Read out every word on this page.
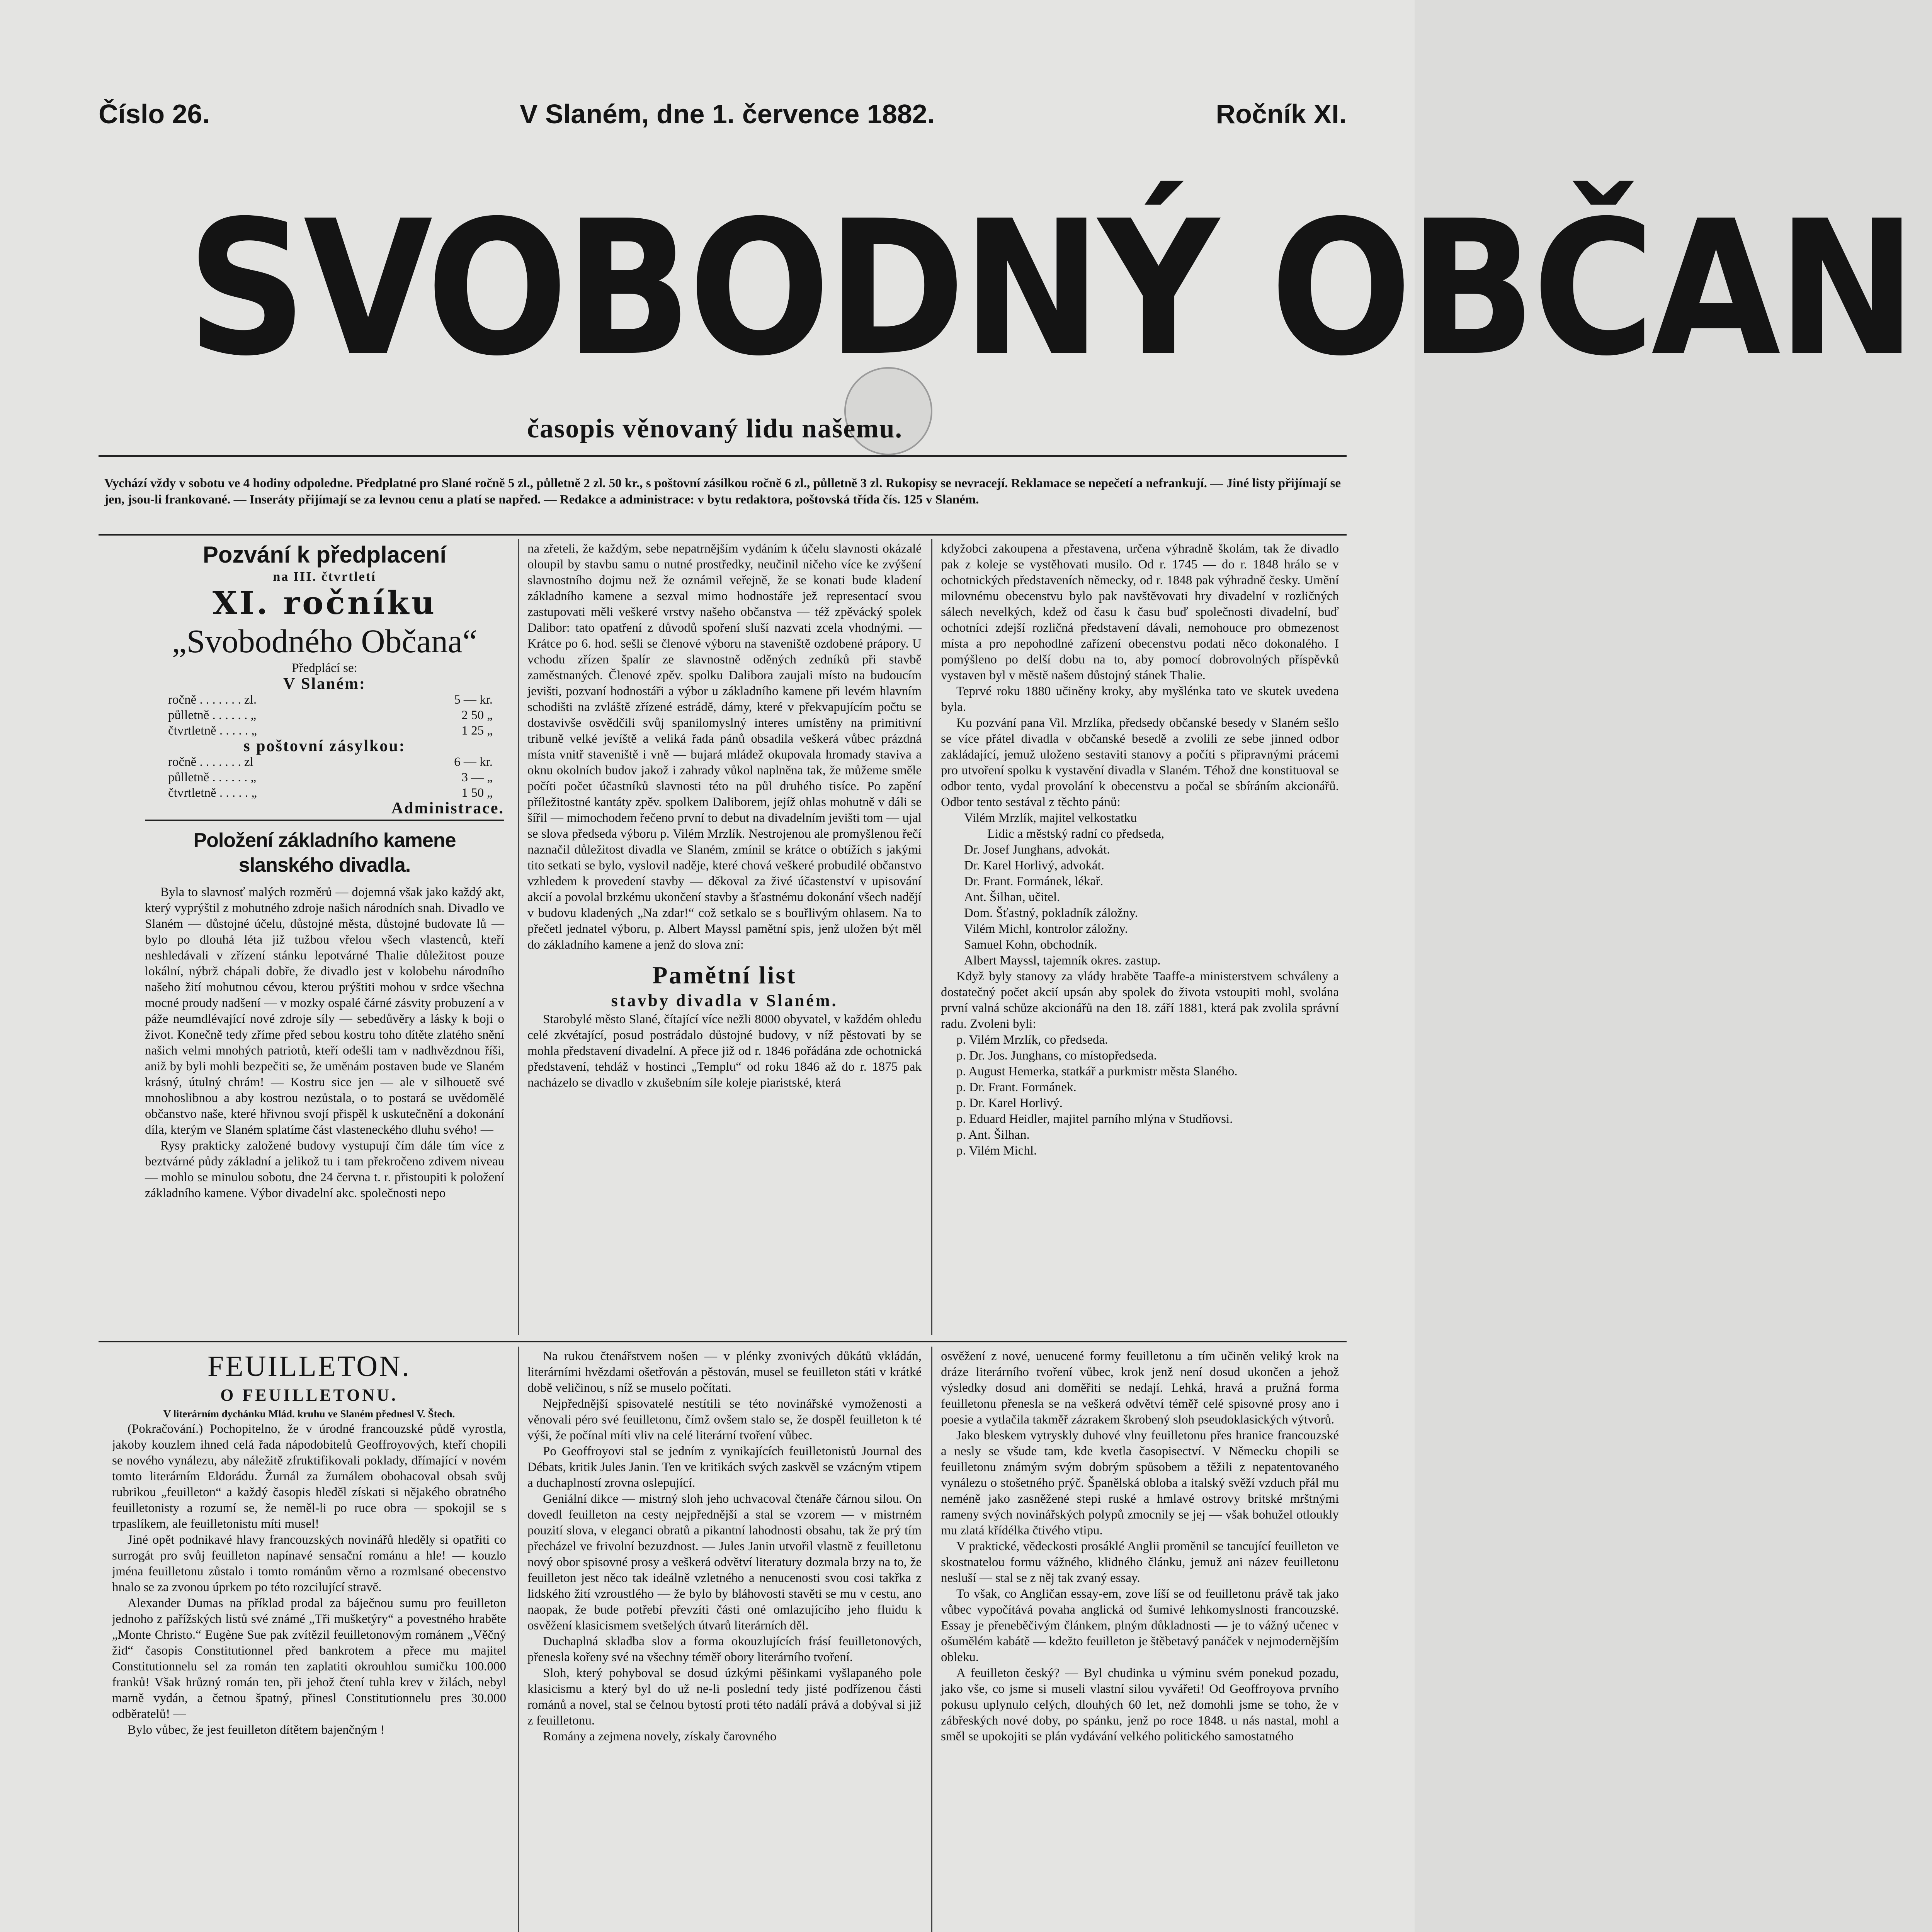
Číslo 26.	V Slaném, dne 1. července 1882.	Ročník XI.
SVOBODNÝ OBČAN
časopis věnovaný lidu našemu.
Vychází vždy v sobotu ve 4 hodiny odpoledne. Předplatné pro Slané ročně 5 zl., půlletně 2 zl. 50 kr., s poštovní zásilkou ročně 6 zl., půlletně 3 zl. Rukopisy se nevracejí. Reklamace se nepečetí a nefrankují. — Jiné listy přijímají se jen, jsou-li frankované. — Inseráty přijímají se za levnou cenu a platí se napřed. — Redakce a administrace: v bytu redaktora, poštovská třída čís. 125 v Slaném.
Pozvání k předplacení
na III. čtvrtletí
XI. ročníku
„Svobodného Občana“
Předplácí se:
V Slaném:
ročně . . . . . . . zl.	5 — kr.
půlletně . . . . . . „	2 50 „
čtvrtletně . . . . . „	1 25 „
s poštovní zásylkou:
ročně . . . . . . . zl	6 — kr.
půlletně . . . . . . „	3 — „
čtvrtletně . . . . . „	1 50 „
Administrace.
Položení základního kamene slanského divadla.

Byla to slavnosť malých rozměrů — dojemná však jako každý akt, který vyprýštil z mohutného zdroje našich národních snah. Divadlo ve Slaném — důstojné účelu, důstojné města, důstojné budovate lů — bylo po dlouhá léta již tužbou vřelou všech vlastenců, kteří neshledávali v zřízení stánku lepotvárné Thalie důležitost pouze lokální, nýbrž chápali dobře, že divadlo jest v kolobehu národního našeho žití mohutnou cévou, kterou prýštiti mohou v srdce všechna mocné proudy nadšení — v mozky ospalé čárné zásvity probuzení a v páže neumdlévající nové zdroje síly — sebedůvěry a lásky k boji o život. Konečně tedy zříme před sebou kostru toho dítěte zlatého snění našich velmi mnohých patriotů, kteří odešli tam v nadhvězdnou říši, aniž by byli mohli bezpečiti se, že uměnám postaven bude ve Slaném krásný, útulný chrám! — Kostru sice jen — ale v silhouetě své mnohoslibnou a aby kostrou nezůstala, o to postará se uvědomělé občanstvo naše, které hřivnou svojí přispěl k uskutečnění a dokonání díla, kterým ve Slaném splatíme část vlasteneckého dluhu svého! —

Rysy prakticky založené budovy vystupují čím dále tím více z beztvárné půdy základní a jelikož tu i tam překročeno zdivem niveau — mohlo se minulou sobotu, dne 24 června t. r. přistoupiti k položení základního kamene. Výbor divadelní akc. společnosti nepo

na zřeteli, že každým, sebe nepatrnějším vydáním k účelu slavnosti okázalé oloupil by stavbu samu o nutné prostředky, neučinil ničeho více ke zvýšení slavnostního dojmu než že oznámil veřejně, že se konati bude kladení základního kamene a sezval mimo hodnostáře jež representací svou zastupovati měli veškeré vrstvy našeho občanstva — též zpěvácký spolek Dalibor: tato opatření z důvodů spoření sluší nazvati zcela vhodnými. — Krátce po 6. hod. sešli se členové výboru na staveniště ozdobené prápory. U vchodu zřízen špalír ze slavnostně oděných zedníků při stavbě zaměstnaných. Členové zpěv. spolku Dalibora zaujali místo na budoucím jevišti, pozvaní hodnostáři a výbor u základního kamene při levém hlavním schodišti na zvláště zřízené estrádě, dámy, které v překvapujícím počtu se dostavivše osvědčili svůj spanilomyslný interes umístěny na primitivní tribuně velké jevíště a veliká řada pánů obsadila veškerá vůbec prázdná místa vnitř staveniště i vně — bujará mládež okupovala hromady staviva a oknu okolních budov jakož i zahrady vůkol naplněna tak, že můžeme směle počíti počet účastníků slavnosti této na půl druhého tisíce. Po zapění příležitostné kantáty zpěv. spolkem Daliborem, jejíž ohlas mohutně v dáli se šířil — mimochodem řečeno první to debut na divadelním jevišti tom — ujal se slova předseda výboru p. Vilém Mrzlík. Nestrojenou ale promyšlenou řečí naznačil důležitost divadla ve Slaném, zmínil se krátce o obtížích s jakými tito setkati se bylo, vyslovil naděje, které chová veškeré probudilé občanstvo vzhledem k provedení stavby — děkoval za živé účastenství v upisování akcií a povolal brzkému ukončení stavby a šťastnému dokonání všech nadějí v budovu kladených „Na zdar!“ což setkalo se s bouřlivým ohlasem. Na to přečetl jednatel výboru, p. Albert Mayssl pamětní spis, jenž uložen být měl do základního kamene a jenž do slova zní:

Pamětní list
stavby divadla v Slaném.

Starobylé město Slané, čítající více nežli 8000 obyvatel, v každém ohledu celé zkvétající, posud postrádalo důstojné budovy, v níž pěstovati by se mohla představení divadelní. A přece již od r. 1846 pořádána zde ochotnická představení, tehdáž v hostinci „Templu“ od roku 1846 až do r. 1875 pak nacházelo se divadlo v zkušebním síle koleje piaristské, která

kdyžobci zakoupena a přestavena, určena výhradně školám, tak že divadlo pak z koleje se vystěhovati musilo. Od r. 1745 — do r. 1848 hrálo se v ochotnických představeních německy, od r. 1848 pak výhradně česky. Umění milovnému obecenstvu bylo pak navštěvovati hry divadelní v rozličných sálech nevelkých, kdež od času k času buď společnosti divadelní, buď ochotníci zdejší rozličná představení dávali, nemohouce pro obmezenost místa a pro nepohodlné zařízení obecenstvu podati něco dokonalého. I pomýšleno po delší dobu na to, aby pomocí dobrovolných příspěvků vystaven byl v městě našem důstojný stánek Thalie.

Teprvé roku 1880 učiněny kroky, aby myšlénka tato ve skutek uvedena byla.

Ku pozvání pana Vil. Mrzlíka, předsedy občanské besedy v Slaném sešlo se více přátel divadla v občanské besedě a zvolili ze sebe jinned odbor zakládající, jemuž uloženo sestaviti stanovy a počíti s připravnými prácemi pro utvoření spolku k vystavění divadla v Slaném. Téhož dne konstituoval se odbor tento, vydal provolání k obecenstvu a počal se sbíráním akcionářů. Odbor tento sestával z těchto pánů:

Vilém Mrzlík, majitel velkostatku
Lidic a městský radní co předseda,
Dr. Josef Junghans, advokát.
Dr. Karel Horlivý, advokát.
Dr. Frant. Formánek, lékař.
Ant. Šilhan, učitel.
Dom. Šťastný, pokladník záložny.
Vilém Michl, kontrolor záložny.
Samuel Kohn, obchodník.
Albert Mayssl, tajemník okres. zastup.

Když byly stanovy za vlády hraběte Taaffe-a ministerstvem schváleny a dostatečný počet akcií upsán aby spolek do života vstoupiti mohl, svolána první valná schůze akcionářů na den 18. září 1881, která pak zvolila správní radu. Zvoleni byli:

p. Vilém Mrzlík, co předseda.
p. Dr. Jos. Junghans, co místopředseda.
p. August Hemerka, statkář a purkmistr města Slaného.
p. Dr. Frant. Formánek.
p. Dr. Karel Horlivý.
p. Eduard Heidler, majitel parního mlýna v Studňovsi.
p. Ant. Šilhan.
p. Vilém Michl.
FEUILLETON.
O FEUILLETONU.
V literárním dychánku Mlád. kruhu ve Slaném přednesl V. Štech.

(Pokračování.) Pochopitelno, že v úrodné francouzské půdě vyrostla, jakoby kouzlem ihned celá řada nápodobitelů Geoffroyových, kteří chopili se nového vynálezu, aby náležitě zfruktifikovali poklady, dřímající v novém tomto literárním Eldorádu. Žurnál za žurnálem obohacoval obsah svůj rubrikou „feuilleton“ a každý časopis hleděl získati si nějakého obratného feuilletonisty a rozumí se, že neměl-li po ruce obra — spokojil se s trpaslíkem, ale feuilletonistu míti musel!

Jiné opět podnikavé hlavy francouzských novinářů hleděly si opatřiti co surrogát pro svůj feuilleton napínavé sensační románu a hle! — kouzlo jména feuilletonu zůstalo i tomto románům věrno a rozmlsané obecenstvo hnalo se za zvonou úprkem po této rozcilující stravě.

Alexander Dumas na příklad prodal za báječnou sumu pro feuilleton jednoho z pařížských listů své známé „Tři mušketýry“ a povestného hraběte „Monte Christo.“ Eugène Sue pak zvítězil feuilletonovým románem „Věčný žid“ časopis Constitutionnel před bankrotem a přece mu majitel Constitutionnelu sel za román ten zaplatiti okrouhlou sumičku 100.000 franků! Však hrůzný román ten, při jehož čtení tuhla krev v žilách, nebyl marně vydán, a četnou špatný, přinesl Constitutionnelu pres 30.000 odběratelů! —

Bylo vůbec, že jest feuilleton dítětem bajenčným !

Na rukou čtenářstvem nošen — v plénky zvonivých důkátů vkládán, literárními hvězdami ošetřován a pěstován, musel se feuilleton státi v krátké době veličinou, s níž se muselo počítati.

Nejpřednější spisovatelé nestítili se této novinářské vymoženosti a věnovali péro své feuilletonu, čímž ovšem stalo se, že dospěl feuilleton k té výši, že počínal míti vliv na celé literární tvoření vůbec.

Po Geoffroyovi stal se jedním z vynikajících feuilletonistů Journal des Débats, kritik Jules Janin. Ten ve kritikách svých zaskvěl se vzácným vtipem a duchaplností zrovna oslepující.

Geniální dikce — mistrný sloh jeho uchvacoval čtenáře čárnou silou. On dovedl feuilleton na cesty nejpřednější a stal se vzorem — v mistrném pouzití slova, v eleganci obratů a pikantní lahodnosti obsahu, tak že prý tím přecházel ve frivolní bezuzdnost. — Jules Janin utvořil vlastně z feuilletonu nový obor spisovné prosy a veškerá odvětví literatury dozmala brzy na to, že feuilleton jest něco tak ideálně vzletného a nenucenosti svou cosi takřka z lidského žití vzroustlého — že bylo by bláhovosti stavěti se mu v cestu, ano naopak, že bude potřebí převzíti části oné omlazujícího jeho fluidu k osvěžení klasicismem svetšelých útvarů literárních děl.

Duchaplná skladba slov a forma okouzlujících frásí feuilletonových, přenesla kořeny své na všechny téměř obory literárního tvoření.

Sloh, který pohyboval se dosud úzkými pěšinkami vyšlapaného pole klasicismu a který byl do už ne-li poslední tedy jisté podřízenou části románů a novel, stal se čelnou bytostí proti této nadálí prává a dobýval si již z feuilletonu.

Romány a zejmena novely, získaly čarovného

osvěžení z nové, uenucené formy feuilletonu a tím učiněn veliký krok na dráze literárního tvoření vůbec, krok jenž není dosud ukončen a jehož výsledky dosud ani doměřiti se nedají. Lehká, hravá a pružná forma feuilletonu přenesla se na veškerá odvětví téměř celé spisovné prosy ano i poesie a vytlačila takměř zázrakem škrobený sloh pseudoklasických výtvorů.

Jako bleskem vytryskly duhové vlny feuilletonu přes hranice francouzské a nesly se všude tam, kde kvetla časopisectví. V Německu chopili se feuilletonu známým svým dobrým spůsobem a těžili z nepatentovaného vynálezu o stošetného prýč. Španělská obloba a italský svěží vzduch přál mu neméně jako zasněžené stepi ruské a hmlavé ostrovy britské mrštnými rameny svých novinářských polypů zmocnily se jej — však bohužel otloukly mu zlatá křídélka čtivého vtipu.

V praktické, vědeckosti prosáklé Anglii proměnil se tancující feuilleton ve skostnatelou formu vážného, klidného článku, jemuž ani název feuilletonu nesluší — stal se z něj tak zvaný essay.

To však, co Angličan essay-em, zove líší se od feuilletonu právě tak jako vůbec vypočítává povaha anglická od šumivé lehkomyslnosti francouzské. Essay je přeneběčivým článkem, plným důkladnosti — je to vážný učenec v ošumělém kabátě — kdežto feuilleton je štěbetavý panáček v nejmodernějším obleku.

A feuilleton český? — Byl chudinka u výminu svém ponekud pozadu, jako vše, co jsme si museli vlastní silou vyvářeti! Od Geoffroyova prvního pokusu uplynulo celých, dlouhých 60 let, než domohli jsme se toho, že v zábřeských nové doby, po spánku, jenž po roce 1848. u nás nastal, mohl a směl se upokojiti se plán vydávání velkého politického samostatného
